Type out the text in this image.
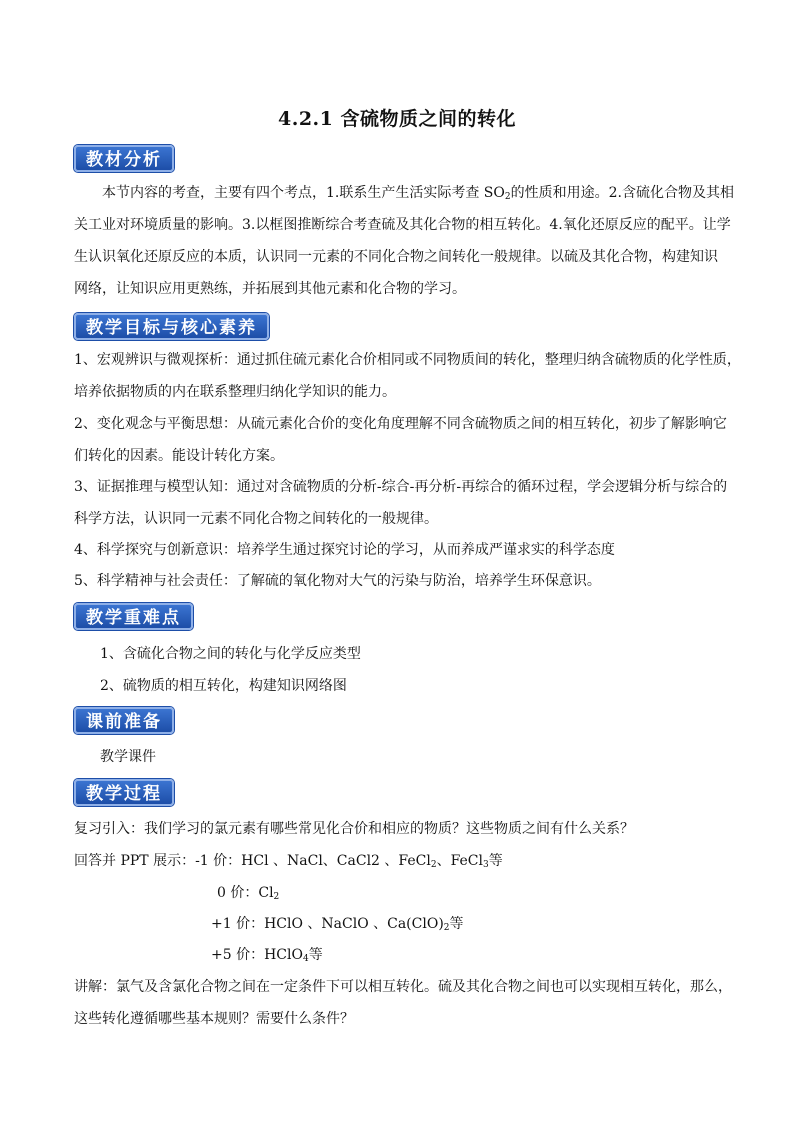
4.2.1 含硫物质之间的转化
教材分析
本节内容的考查，主要有四个考点，1.联系生产生活实际考查 $SO_2$的性质和用途。2.含硫化合物及其相
关工业对环境质量的影响。3.以框图推断综合考查硫及其化合物的相互转化。4.氧化还原反应的配平。让学
生认识氧化还原反应的本质，认识同一元素的不同化合物之间转化一般规律。以硫及其化合物，构建知识
网络，让知识应用更熟练，并拓展到其他元素和化合物的学习。
教学目标与核心素养
1、宏观辨识与微观探析：通过抓住硫元素化合价相同或不同物质间的转化，整理归纳含硫物质的化学性质，
培养依据物质的内在联系整理归纳化学知识的能力。
2、变化观念与平衡思想：从硫元素化合价的变化角度理解不同含硫物质之间的相互转化，初步了解影响它
们转化的因素。能设计转化方案。
3、证据推理与模型认知：通过对含硫物质的分析-综合-再分析-再综合的循环过程，学会逻辑分析与综合的
科学方法，认识同一元素不同化合物之间转化的一般规律。
4、科学探究与创新意识：培养学生通过探究讨论的学习，从而养成严谨求实的科学态度
5、科学精神与社会责任：了解硫的氧化物对大气的污染与防治，培养学生环保意识。
教学重难点
1、含硫化合物之间的转化与化学反应类型
2、硫物质的相互转化，构建知识网络图
课前准备
教学课件
教学过程
复习引入：我们学习的氯元素有哪些常见化合价和相应的物质？这些物质之间有什么关系？
回答并 PPT 展示：-1 价：HCl 、NaCl、CaCl2 、FeCl$_2$、FeCl$_3$等
0 价：$Cl_2$
+1 价：HClO 、NaClO 、$Ca(ClO)_2$等
+5 价：HClO$_4$等
讲解：氯气及含氯化合物之间在一定条件下可以相互转化。硫及其化合物之间也可以实现相互转化，那么，
这些转化遵循哪些基本规则？需要什么条件？
